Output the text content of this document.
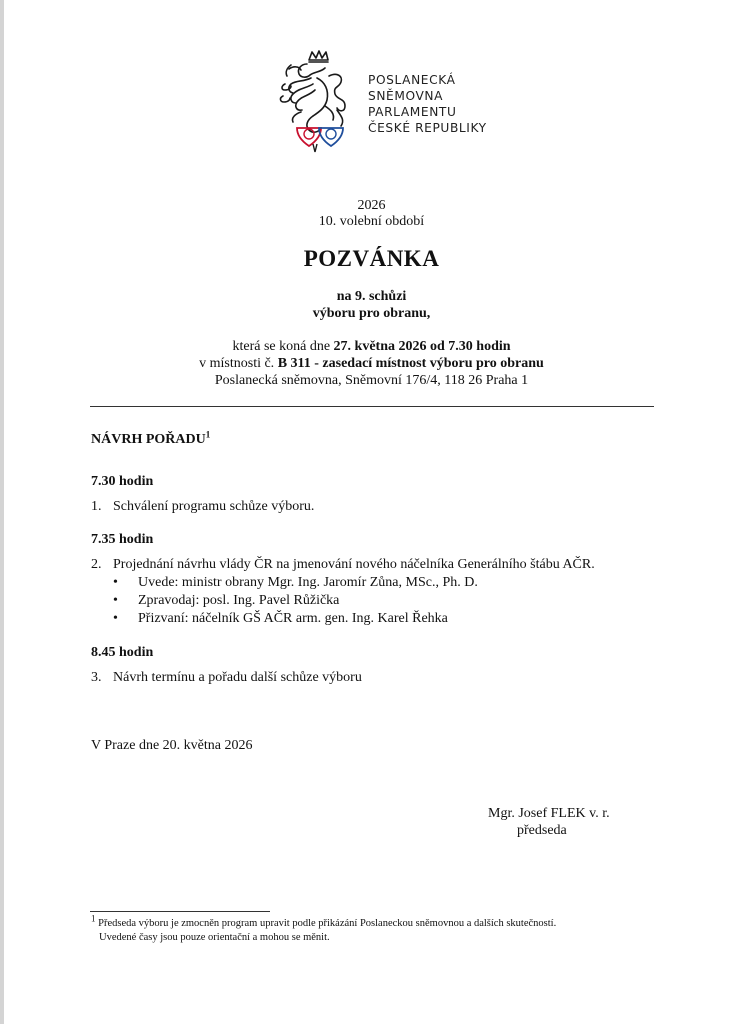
POSLANECKÁ
SNĚMOVNA
PARLAMENTU
ČESKÉ REPUBLIKY
2026
10. volební období
POZVÁNKA
na 9. schůzi
výboru pro obranu,
která se koná dne 27. května 2026 od 7.30 hodin
v místnosti č. B 311 - zasedací místnost výboru pro obranu
Poslanecká sněmovna, Sněmovní 176/4, 118 26 Praha 1
NÁVRH POŘADU$^1$
7.30 hodin
1. Schválení programu schůze výboru.
7.35 hodin
2. Projednání návrhu vlády ČR na jmenování nového náčelníka Generálního štábu AČR.
• Uvede: ministr obrany Mgr. Ing. Jaromír Zůna, MSc., Ph. D.
• Zpravodaj: posl. Ing. Pavel Růžička
• Přizvaní: náčelník GŠ AČR arm. gen. Ing. Karel Řehka
8.45 hodin
3. Návrh termínu a pořadu další schůze výboru
V Praze dne 20. května 2026
Mgr. Josef FLEK v. r.
předseda
$^1$ Předseda výboru je zmocněn program upravit podle přikázání Poslaneckou sněmovnou a dalších skutečností.
Uvedené časy jsou pouze orientační a mohou se měnit.
